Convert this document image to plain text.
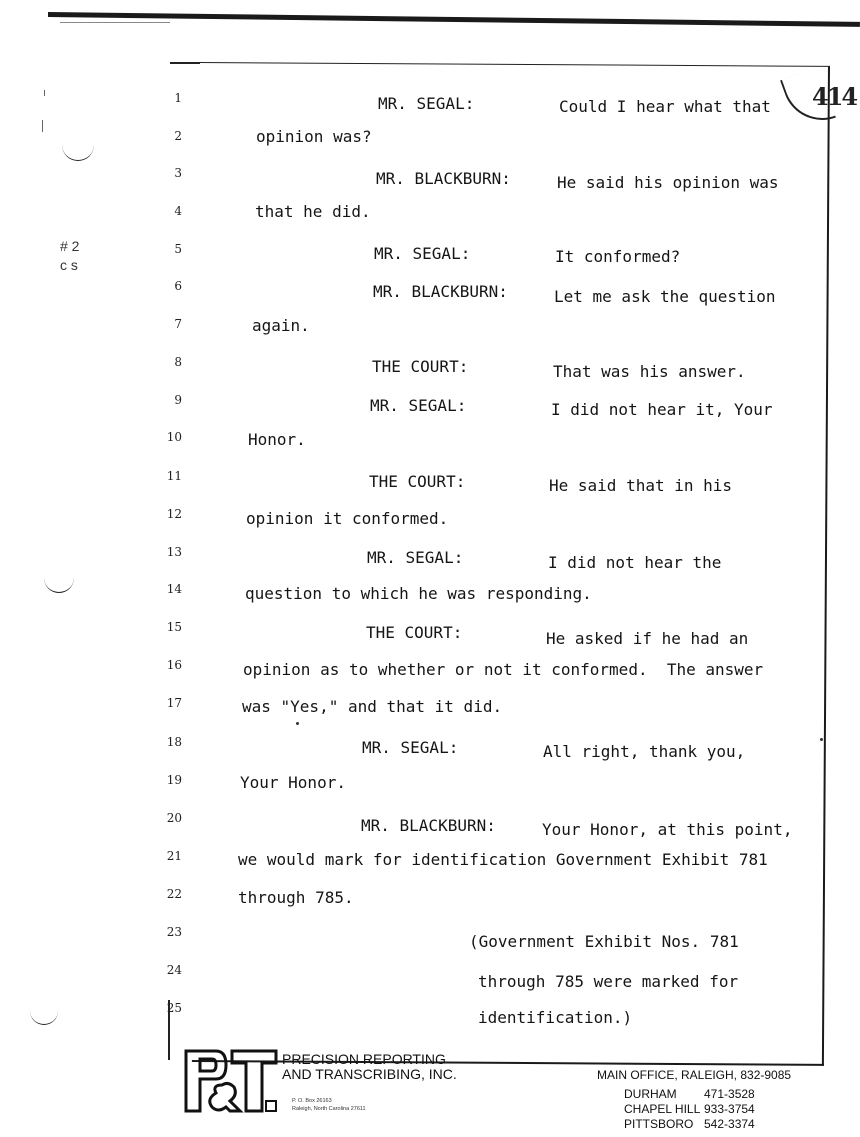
414
# 2
c s
1
2
3
4
5
6
7
8
9
10
11
12
13
14
15
16
17
18
19
20
21
22
23
24
25
MR. SEGAL:	Could I hear what that
opinion was?
MR. BLACKBURN:	He said his opinion was
that he did.
MR. SEGAL:	It conformed?
MR. BLACKBURN:	Let me ask the question
again.
THE COURT:	That was his answer.
MR. SEGAL:	I did not hear it, Your
Honor.
THE COURT:	He said that in his
opinion it conformed.
MR. SEGAL:	I did not hear the
question to which he was responding.
THE COURT:	He asked if he had an
opinion as to whether or not it conformed.  The answer
was "Yes," and that it did.
MR. SEGAL:	All right, thank you,
Your Honor.
MR. BLACKBURN:	Your Honor, at this point,
we would mark for identification Government Exhibit 781
through 785.
(Government Exhibit Nos. 781
through 785 were marked for
identification.)
P&T
PRECISION REPORTING
AND TRANSCRIBING, INC.
P. O. Box 26163
Raleigh, North Carolina 27611
MAIN OFFICE, RALEIGH, 832-9085
DURHAM 471-3528
CHAPEL HILL 933-3754
PITTSBORO 542-3374
